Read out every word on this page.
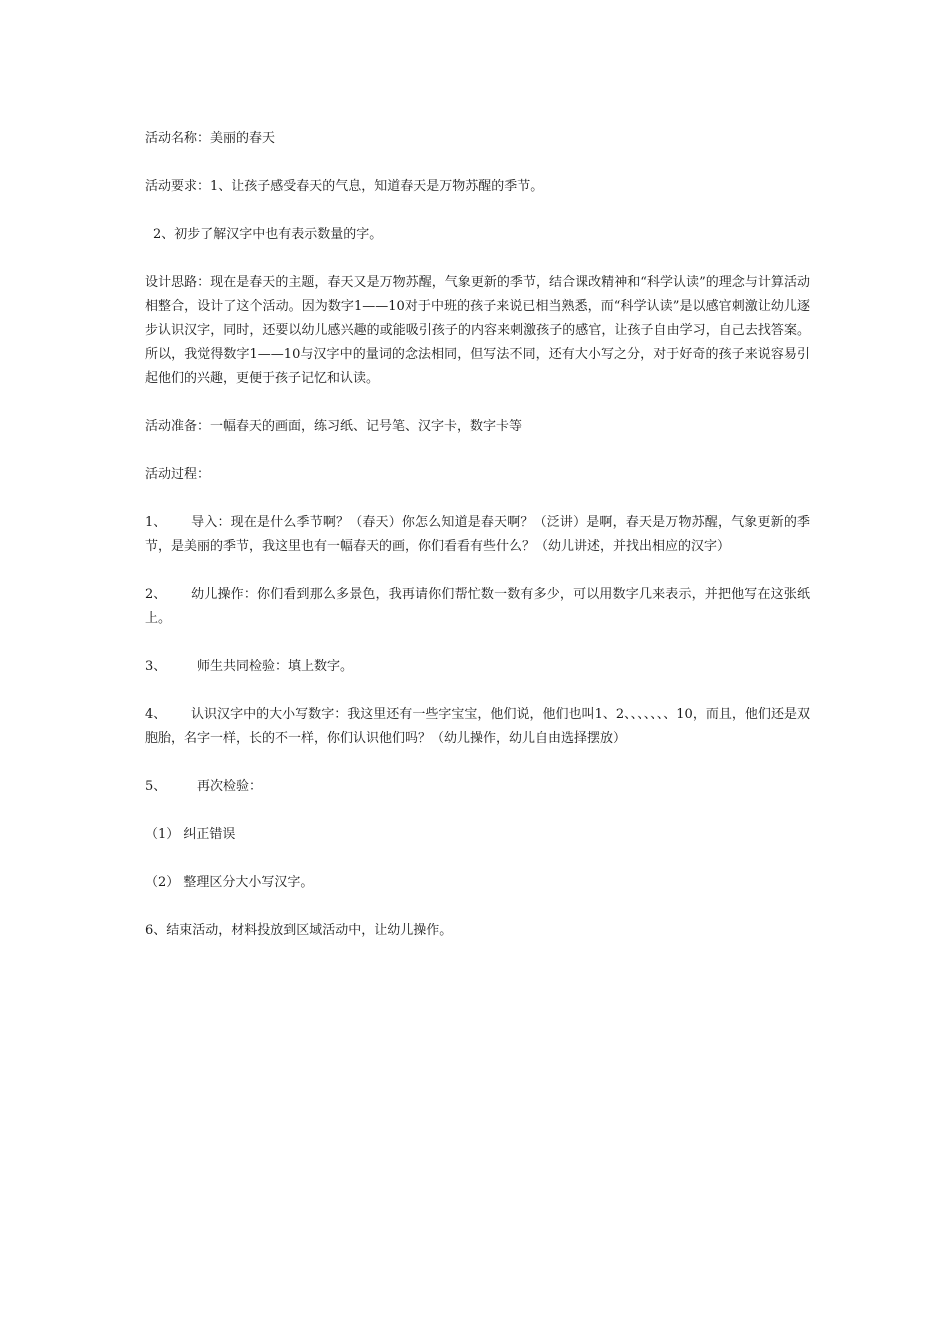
活动名称：美丽的春天

活动要求：1、让孩子感受春天的气息，知道春天是万物苏醒的季节。

2、初步了解汉字中也有表示数量的字。

设计思路：现在是春天的主题，春天又是万物苏醒，气象更新的季节，结合课改精神和“科学认读”的理念与计算活动相整合，设计了这个活动。因为数字1——10对于中班的孩子来说已相当熟悉，而“科学认读”是以感官刺激让幼儿逐步认识汉字，同时，还要以幼儿感兴趣的或能吸引孩子的内容来刺激孩子的感官，让孩子自由学习，自己去找答案。所以，我觉得数字1——10与汉字中的量词的念法相同，但写法不同，还有大小写之分，对于好奇的孩子来说容易引起他们的兴趣，更便于孩子记忆和认读。

活动准备：一幅春天的画面，练习纸、记号笔、汉字卡，数字卡等

活动过程：

1、 导入：现在是什么季节啊？（春天）你怎么知道是春天啊？（泛讲）是啊，春天是万物苏醒，气象更新的季节，是美丽的季节，我这里也有一幅春天的画，你们看看有些什么？（幼儿讲述，并找出相应的汉字）

2、 幼儿操作：你们看到那么多景色，我再请你们帮忙数一数有多少，可以用数字几来表示，并把他写在这张纸上。

3、 师生共同检验：填上数字。

4、 认识汉字中的大小写数字：我这里还有一些字宝宝，他们说，他们也叫1、2、、、、、、、10，而且，他们还是双胞胎，名字一样，长的不一样，你们认识他们吗？（幼儿操作，幼儿自由选择摆放）

5、 再次检验：

（1） 纠正错误

（2） 整理区分大小写汉字。

6、结束活动，材料投放到区域活动中，让幼儿操作。
